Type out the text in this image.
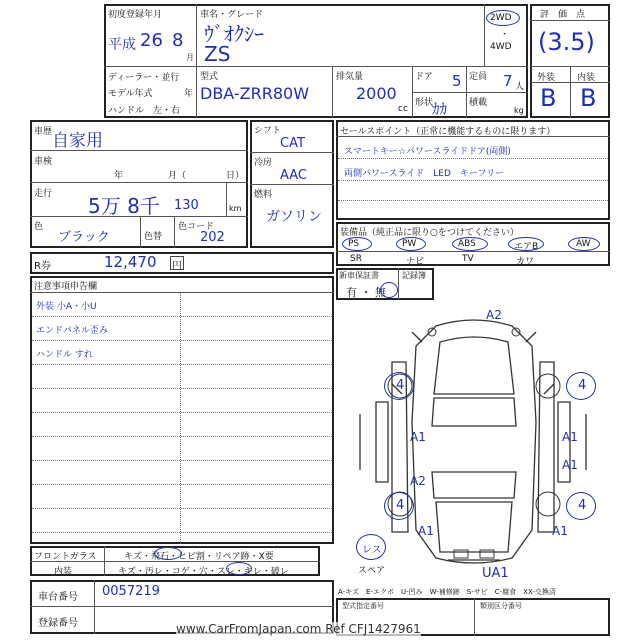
初度登録年月
平成 26 8
月
車名・グレード
ｳﾞｵｸｼｰ
ZS
2WD
・
4WD
ディーラー・並行
モデル年式	年
ハンドル　左・右
型式
DBA-ZRR80W
排気量
2000
cc
ドア 5 定員 7 人
形状
ｶｶ 積載
kg
評　価　点
(3.5)
外装 内装
B B
車歴 自家用
車検
年	月（	日）
走行 5万 8千 130	km
色
ブラック	色替
色コード
202
シフト
CAT
冷房
AAC
燃料
ガソリン
セールスポイント（正常に機能するものに限ります）
スマートキー☆パワースライドドア(両側)
両側パワースライド　LED　キーフリー
装備品（純正品に限り○をつけてください）
PS	PW	ABS	エアB	AW
SR	ナビ	TV	カワ
新車保証書	記録簿
有 ・ 無
R券	12,470 円
注意事項申告欄
外装 小A・小U
エンドパネル歪み
ハンドル すれ
フロントガラス	キズ・飛石・ヒビ割・リペア跡・X要
内装	キズ・汚レ・コゲ・穴・スレ・キレ・破レ
車台番号 0057219
登録番号
A2
4	4
A1	A1
A1
A2
4	4
A1	A1
UA1
レス
スペア
A-キズ　E-エクボ　U-凹み　W-補修跡　S-サビ　C-腐食　XX-交換済
型式指定番号	類別区分番号
www.CarFromJapan.com Ref CFJ1427961
